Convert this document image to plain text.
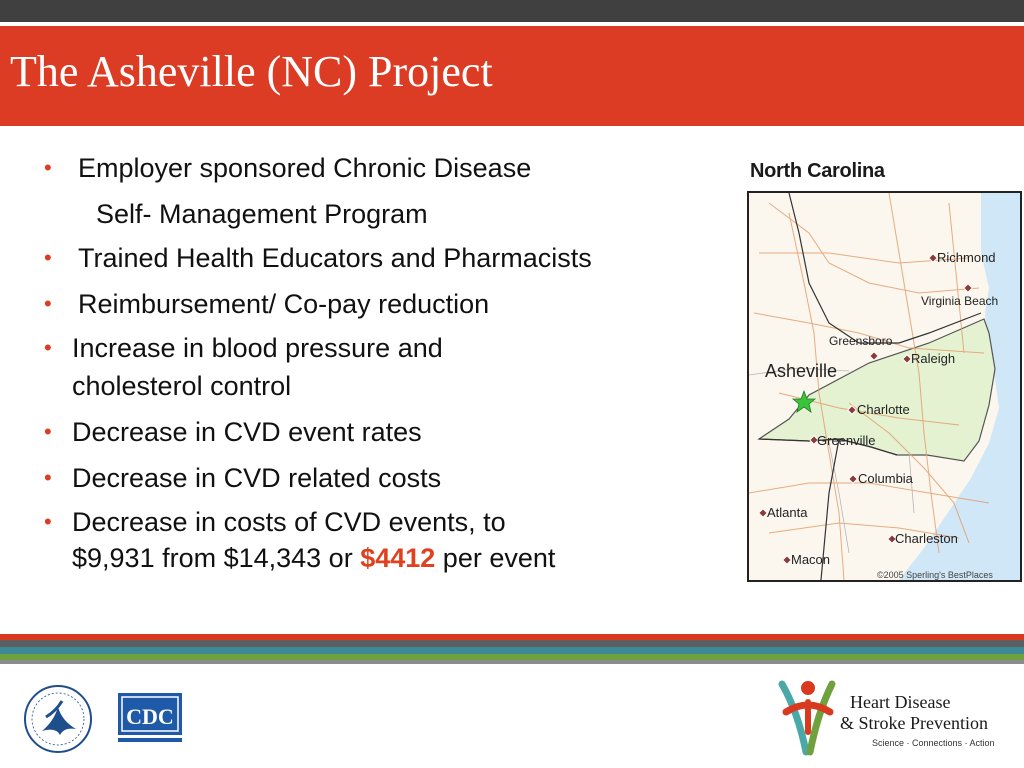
The Asheville (NC) Project
• Employer sponsored Chronic Disease
Self- Management Program
• Trained Health Educators and Pharmacists
• Reimbursement/ Co-pay reduction
• Increase in blood pressure and
cholesterol control
• Decrease in CVD event rates
• Decrease in CVD related costs
• Decrease in costs of CVD events, to
$9,931 from $14,343 or $4412 per event
North Carolina
Richmond
Virginia Beach
Greensboro
Raleigh
Asheville
Charlotte
Greenville
Columbia
Atlanta
Charleston
Macon
©2005 Sperling's BestPlaces
CDC
Heart Disease
& Stroke Prevention
Science · Connections · Action
